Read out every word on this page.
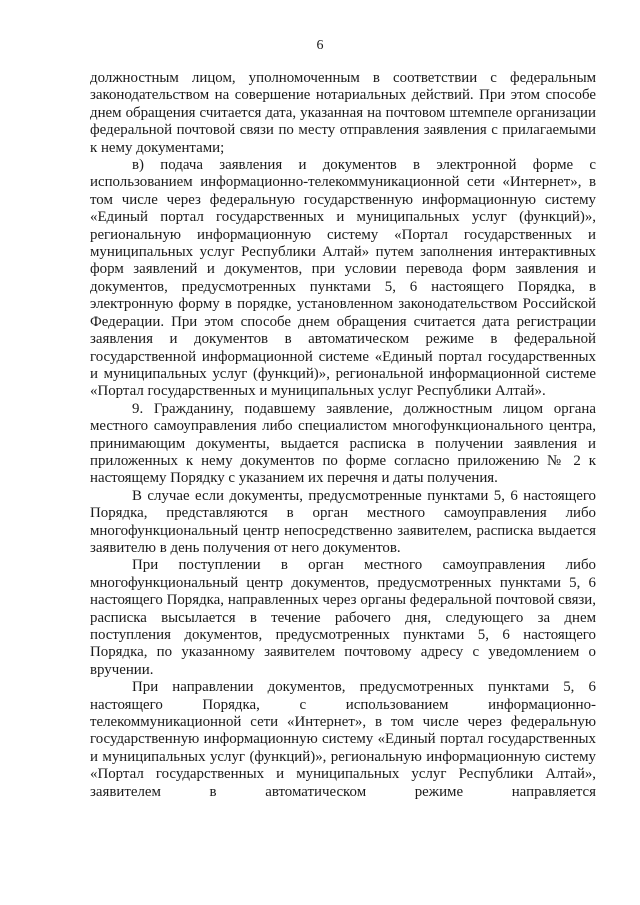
6

должностным лицом, уполномоченным в соответствии с федеральным законодательством на совершение нотариальных действий. При этом способе днем обращения считается дата, указанная на почтовом штемпеле организации федеральной почтовой связи по месту отправления заявления с прилагаемыми к нему документами;

в) подача заявления и документов в электронной форме с использованием информационно-телекоммуникационной сети «Интернет», в том числе через федеральную государственную информационную систему «Единый портал государственных и муниципальных услуг (функций)», региональную информационную систему «Портал государственных и муниципальных услуг Республики Алтай» путем заполнения интерактивных форм заявлений и документов, при условии перевода форм заявления и документов, предусмотренных пунктами 5, 6 настоящего Порядка, в электронную форму в порядке, установленном законодательством Российской Федерации. При этом способе днем обращения считается дата регистрации заявления и документов в автоматическом режиме в федеральной государственной информационной системе «Единый портал государственных и муниципальных услуг (функций)», региональной информационной системе «Портал государственных и муниципальных услуг Республики Алтай».

9. Гражданину, подавшему заявление, должностным лицом органа местного самоуправления либо специалистом многофункционального центра, принимающим документы, выдается расписка в получении заявления и приложенных к нему документов по форме согласно приложению № 2 к настоящему Порядку с указанием их перечня и даты получения.

В случае если документы, предусмотренные пунктами 5, 6 настоящего Порядка, представляются в орган местного самоуправления либо многофункциональный центр непосредственно заявителем, расписка выдается заявителю в день получения от него документов.

При поступлении в орган местного самоуправления либо многофункциональный центр документов, предусмотренных пунктами 5, 6 настоящего Порядка, направленных через органы федеральной почтовой связи, расписка высылается в течение рабочего дня, следующего за днем поступления документов, предусмотренных пунктами 5, 6 настоящего Порядка, по указанному заявителем почтовому адресу с уведомлением о вручении.

При направлении документов, предусмотренных пунктами 5, 6 настоящего Порядка, с использованием информационно-телекоммуникационной сети «Интернет», в том числе через федеральную государственную информационную систему «Единый портал государственных и муниципальных услуг (функций)», региональную информационную систему «Портал государственных и муниципальных услуг Республики Алтай», заявителем в автоматическом режиме направляется
